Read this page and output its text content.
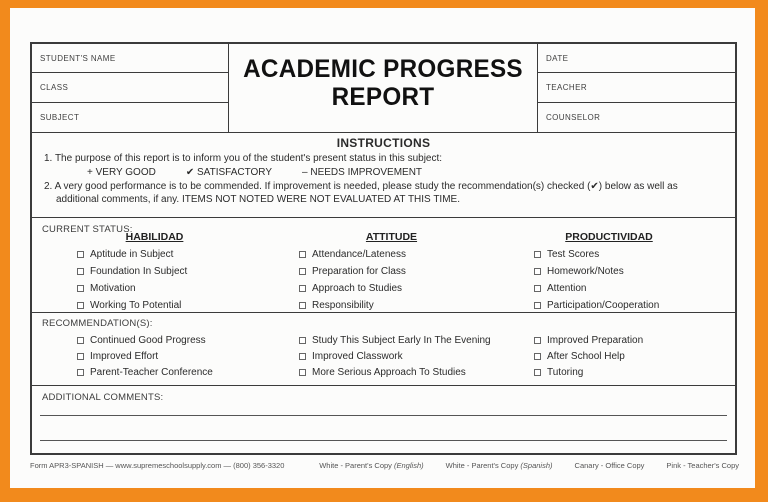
STUDENT'S NAME
CLASS
SUBJECT
ACADEMIC PROGRESS
REPORT
DATE
TEACHER
COUNSELOR
INSTRUCTIONS
1. The purpose of this report is to inform you of the student's present status in this subject:
+ VERY GOOD	✔ SATISFACTORY	– NEEDS IMPROVEMENT
2. A very good performance is to be commended. If improvement is needed, please study the recommendation(s) checked (✔) below as well as
additional comments, if any. ITEMS NOT NOTED WERE NOT EVALUATED AT THIS TIME.
CURRENT STATUS:
HABILIDAD
Aptitude in Subject
Foundation In Subject
Motivation
Working To Potential
ATTITUDE
Attendance/Lateness
Preparation for Class
Approach to Studies
Responsibility
PRODUCTIVIDAD
Test Scores
Homework/Notes
Attention
Participation/Cooperation
RECOMMENDATION(S):
Continued Good Progress
Improved Effort
Parent-Teacher Conference
Study This Subject Early In The Evening
Improved Classwork
More Serious Approach To Studies
Improved Preparation
After School Help
Tutoring
ADDITIONAL COMMENTS:
Form APR3-SPANISH — www.supremeschoolsupply.com — (800) 356-3320	White - Parent's Copy (English)	White - Parent's Copy (Spanish)	Canary - Office Copy	Pink - Teacher's Copy
